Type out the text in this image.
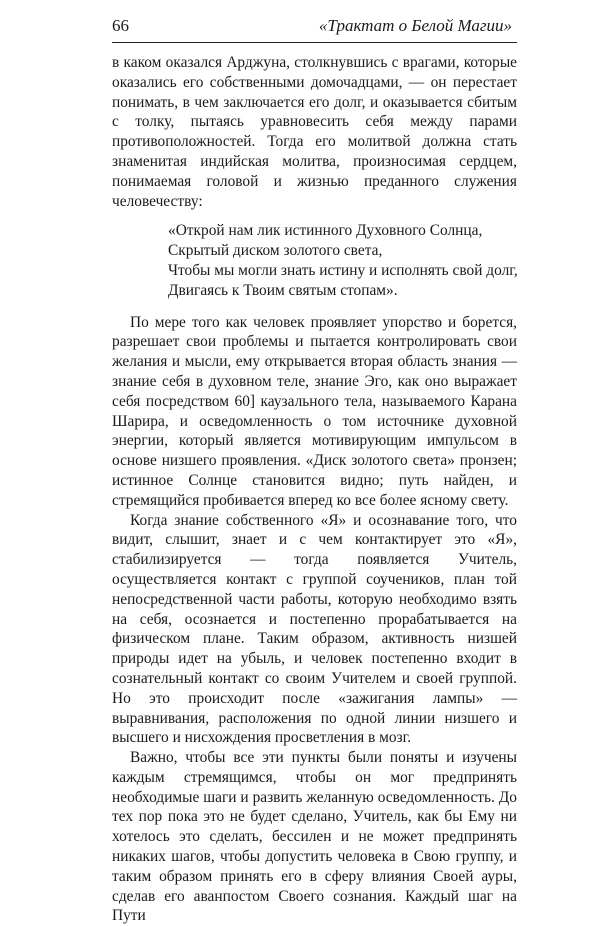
66	«Трактат о Белой Магии»

в каком оказался Арджуна, столкнувшись с врагами, которые оказались его собственными домочадцами, — он перестает понимать, в чем заключается его долг, и оказывается сбитым с толку, пытаясь уравновесить себя между парами противоположностей. Тогда его молитвой должна стать знаменитая индийская молитва, произносимая сердцем, понимаемая головой и жизнью преданного служения человечеству:

«Открой нам лик истинного Духовного Солнца,
Скрытый диском золотого света,
Чтобы мы могли знать истину и исполнять свой долг,
Двигаясь к Твоим святым стопам».

По мере того как человек проявляет упорство и борется, разрешает свои проблемы и пытается контролировать свои желания и мысли, ему открывается вторая область знания — знание себя в духовном теле, знание Эго, как оно выражает себя посредством 60] каузального тела, называемого Карана Шарира, и осведомленность о том источнике духовной энергии, который является мотивирующим импульсом в основе низшего проявления. «Диск золотого света» пронзен; истинное Солнце становится видно; путь найден, и стремящийся пробивается вперед ко все более ясному свету.

Когда знание собственного «Я» и осознавание того, что видит, слышит, знает и с чем контактирует это «Я», стабилизируется — тогда появляется Учитель, осуществляется контакт с группой соучеников, план той непосредственной части работы, которую необходимо взять на себя, осознается и постепенно прорабатывается на физическом плане. Таким образом, активность низшей природы идет на убыль, и человек постепенно входит в сознательный контакт со своим Учителем и своей группой. Но это происходит после «зажигания лампы» — выравнивания, расположения по одной линии низшего и высшего и нисхождения просветления в мозг.

Важно, чтобы все эти пункты были поняты и изучены каждым стремящимся, чтобы он мог предпринять необходимые шаги и развить желанную осведомленность. До тех пор пока это не будет сделано, Учитель, как бы Ему ни хотелось это сделать, бессилен и не может предпринять никаких шагов, чтобы допустить человека в Свою группу, и таким образом принять его в сферу влияния Своей ауры, сделав его аванпостом Своего сознания. Каждый шаг на Пути
